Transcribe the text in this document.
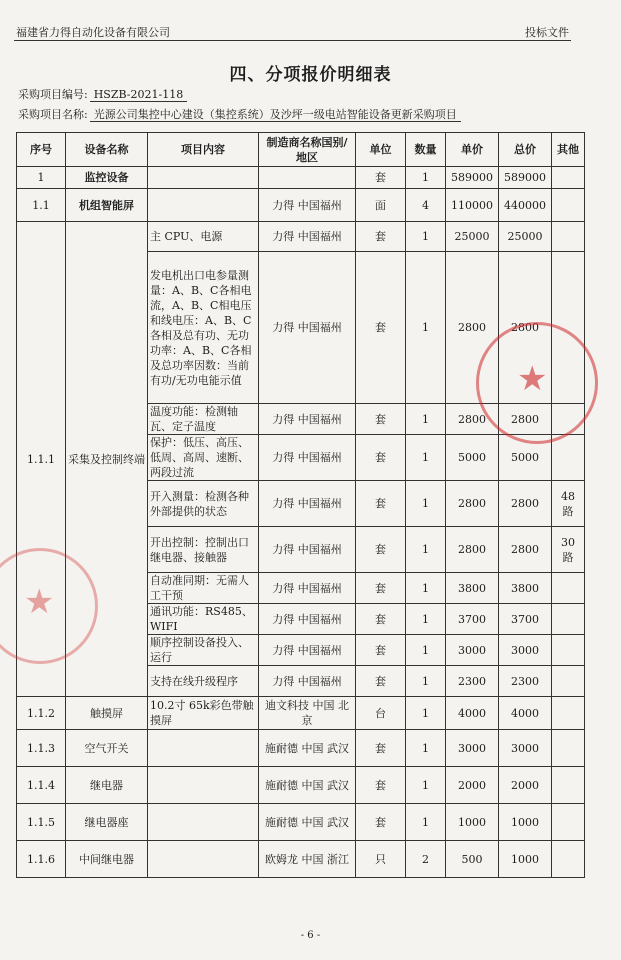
福建省力得自动化设备有限公司	投标文件
四、分项报价明细表
采购项目编号: HSZB-2021-118
采购项目名称: 光源公司集控中心建设（集控系统）及沙坪一级电站智能设备更新采购项目
序号	设备名称	项目内容	制造商名称国别/地区	单位	数量	单价	总价	其他
1	监控设备			套	1	589000	589000	
1.1	机组智能屏		力得 中国福州	面	4	110000	440000	
1.1.1	采集及控制终端	主 CPU、电源	力得 中国福州	套	1	25000	25000	
		发电机出口电参量测量：A、B、C各相电流，A、B、C相电压和线电压：A、B、C各相及总有功、无功功率：A、B、C各相及总功率因数：当前有功/无功电能示值	力得 中国福州	套	1	2800	2800	
		温度功能：检测轴瓦、定子温度	力得 中国福州	套	1	2800	2800	
		保护：低压、高压、低周、高周、速断、两段过流	力得 中国福州	套	1	5000	5000	
		开入测量：检测各种外部提供的状态	力得 中国福州	套	1	2800	2800	48 路
		开出控制：控制出口继电器、接触器	力得 中国福州	套	1	2800	2800	30 路
		自动准同期：无需人工干预	力得 中国福州	套	1	3800	3800	
		通讯功能：RS485、WIFI	力得 中国福州	套	1	3700	3700	
		顺序控制设备投入、运行	力得 中国福州	套	1	3000	3000	
		支持在线升级程序	力得 中国福州	套	1	2300	2300	
1.1.2	触摸屏	10.2寸 65k彩色带触摸屏	迪文科技 中国 北京	台	1	4000	4000	
1.1.3	空气开关		施耐德 中国 武汉	套	1	3000	3000	
1.1.4	继电器		施耐德 中国 武汉	套	1	2000	2000	
1.1.5	继电器座		施耐德 中国 武汉	套	1	1000	1000	
1.1.6	中间继电器		欧姆龙 中国 浙江	只	2	500	1000	
★
★
- 6 -
